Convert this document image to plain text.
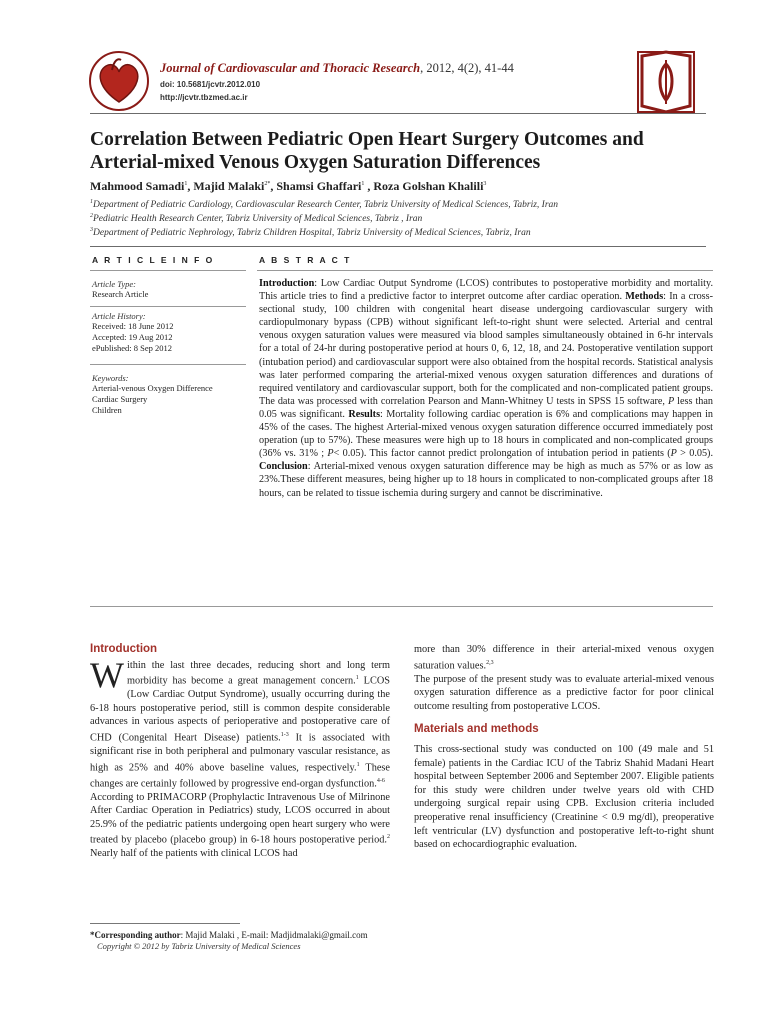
Journal of Cardiovascular and Thoracic Research, 2012, 4(2), 41-44
doi: 10.5681/jcvtr.2012.010
http://jcvtr.tbzmed.ac.ir
Correlation Between Pediatric Open Heart Surgery Outcomes and Arterial-mixed Venous Oxygen Saturation Differences
Mahmood Samadi$^1$, Majid Malaki$^{2*}$, Shamsi Ghaffari$^1$ , Roza Golshan Khalili$^3$
$^1$Department of Pediatric Cardiology, Cardiovascular Research Center, Tabriz University of Medical Sciences, Tabriz, Iran
$^2$Pediatric Health Research Center, Tabriz University of Medical Sciences, Tabriz , Iran
$^3$Department of Pediatric Nephrology, Tabriz Children Hospital, Tabriz University of Medical Sciences, Tabriz, Iran
A R T I C L E I N F O
Article Type:
Research Article
Article History:
Received: 18 June 2012
Accepted: 19 Aug 2012
ePublished: 8 Sep 2012
Keywords:
Arterial-venous Oxygen Difference
Cardiac Surgery
Children
A B S T R A C T
Introduction: Low Cardiac Output Syndrome (LCOS) contributes to postoperative morbidity and mortality. This article tries to find a predictive factor to interpret outcome after cardiac operation. Methods: In a cross-sectional study, 100 children with congenital heart disease undergoing cardiovascular surgery with cardiopulmonary bypass (CPB) without significant left-to-right shunt were selected. Arterial and central venous oxygen saturation values were measured via blood samples simultaneously obtained in 6-hr intervals for a total of 24-hr during postoperative period at hours 0, 6, 12, 18, and 24. Postoperative ventilation support (intubation period) and cardiovascular support were also obtained from the hospital records. Statistical analysis was later performed comparing the arterial-mixed venous oxygen saturation differences and durations of required ventilatory and cardiovascular support, both for the complicated and non-complicated patient groups. The data was processed with correlation Pearson and Mann-Whitney U tests in SPSS 15 software, P less than 0.05 was significant. Results: Mortality following cardiac operation is 6% and complications may happen in 45% of the cases. The highest Arterial-mixed venous oxygen saturation difference occurred immediately post operation (up to 57%). These measures were high up to 18 hours in complicated and non-complicated groups (36% vs. 31% ; P< 0.05). This factor cannot predict prolongation of intubation period in patients (P > 0.05). Conclusion: Arterial-mixed venous oxygen saturation difference may be high as much as 57% or as low as 23%.These different measures, being higher up to 18 hours in complicated to non-complicated groups after 18 hours, can be related to tissue ischemia during surgery and cannot be discriminative.
Introduction

Within the last three decades, reducing short and long term morbidity has become a great management concern.$^1$ LCOS (Low Cardiac Output Syndrome), usually occurring during the 6-18 hours postoperative period, still is common despite considerable advances in various aspects of perioperative and postoperative care of CHD (Congenital Heart Disease) patients.$^{1-3}$ It is associated with significant rise in both peripheral and pulmonary vascular resistance, as high as 25% and 40% above baseline values, respectively.$^1$ These changes are certainly followed by progressive end-organ dysfunction.$^{4-6}$

According to PRIMACORP (Prophylactic Intravenous Use of Milrinone After Cardiac Operation in Pediatrics) study, LCOS occurred in about 25.9% of the pediatric patients undergoing open heart surgery who were treated by placebo (placebo group) in 6-18 hours postoperative period.$^2$ Nearly half of the patients with clinical LCOS had

more than 30% difference in their arterial-mixed venous oxygen saturation values.$^{2,3}$

The purpose of the present study was to evaluate arterial-mixed venous oxygen saturation difference as a predictive factor for poor clinical outcome resulting from postoperative LCOS.

Materials and methods

This cross-sectional study was conducted on 100 (49 male and 51 female) patients in the Cardiac ICU of the Tabriz Shahid Madani Heart hospital between September 2006 and September 2007. Eligible patients for this study were children under twelve years old with CHD undergoing surgical repair using CPB. Exclusion criteria included preoperative renal insufficiency (Creatinine < 0.9 mg/dl), preoperative left ventricular (LV) dysfunction and postoperative left-to-right shunt based on echocardiographic evaluation.

*Corresponding author: Majid Malaki , E-mail: Madjidmalaki@gmail.com
Copyright © 2012 by Tabriz University of Medical Sciences
